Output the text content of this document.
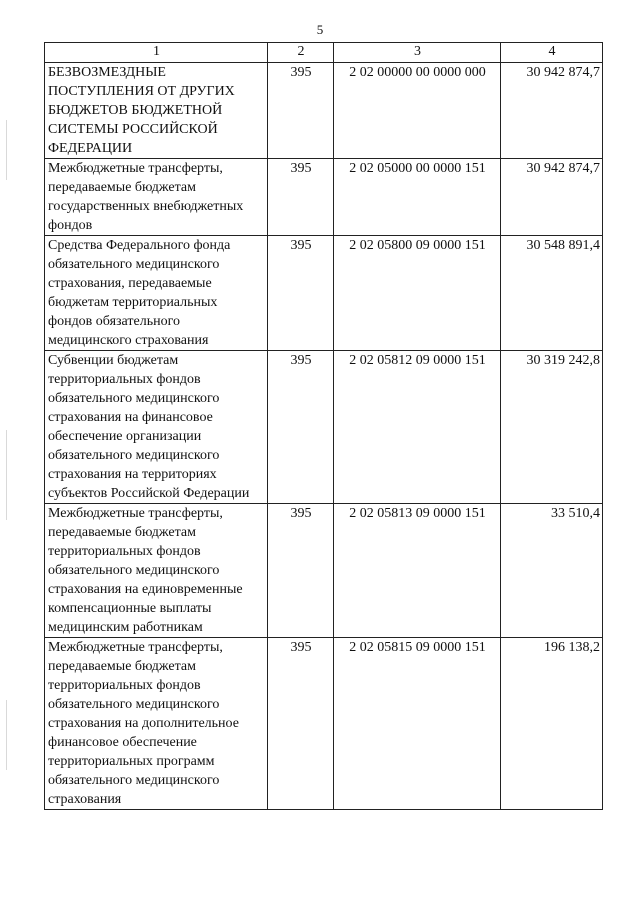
5
1	2	3	4
БЕЗВОЗМЕЗДНЫЕ ПОСТУПЛЕНИЯ ОТ ДРУГИХ БЮДЖЕТОВ БЮДЖЕТНОЙ СИСТЕМЫ РОССИЙСКОЙ ФЕДЕРАЦИИ	395	2 02 00000 00 0000 000	30 942 874,7
Межбюджетные трансферты, передаваемые бюджетам государственных внебюджетных фондов	395	2 02 05000 00 0000 151	30 942 874,7
Средства Федерального фонда обязательного медицинского страхования, передаваемые бюджетам территориальных фондов обязательного медицинского страхования	395	2 02 05800 09 0000 151	30 548 891,4
Субвенции бюджетам территориальных фондов обязательного медицинского страхования на финансовое обеспечение организации обязательного медицинского страхования на территориях субъектов Российской Федерации	395	2 02 05812 09 0000 151	30 319 242,8
Межбюджетные трансферты, передаваемые бюджетам территориальных фондов обязательного медицинского страхования на единовременные компенсационные выплаты медицинским работникам	395	2 02 05813 09 0000 151	33 510,4
Межбюджетные трансферты, передаваемые бюджетам территориальных фондов обязательного медицинского страхования на дополнительное финансовое обеспечение территориальных программ обязательного медицинского страхования	395	2 02 05815 09 0000 151	196 138,2
